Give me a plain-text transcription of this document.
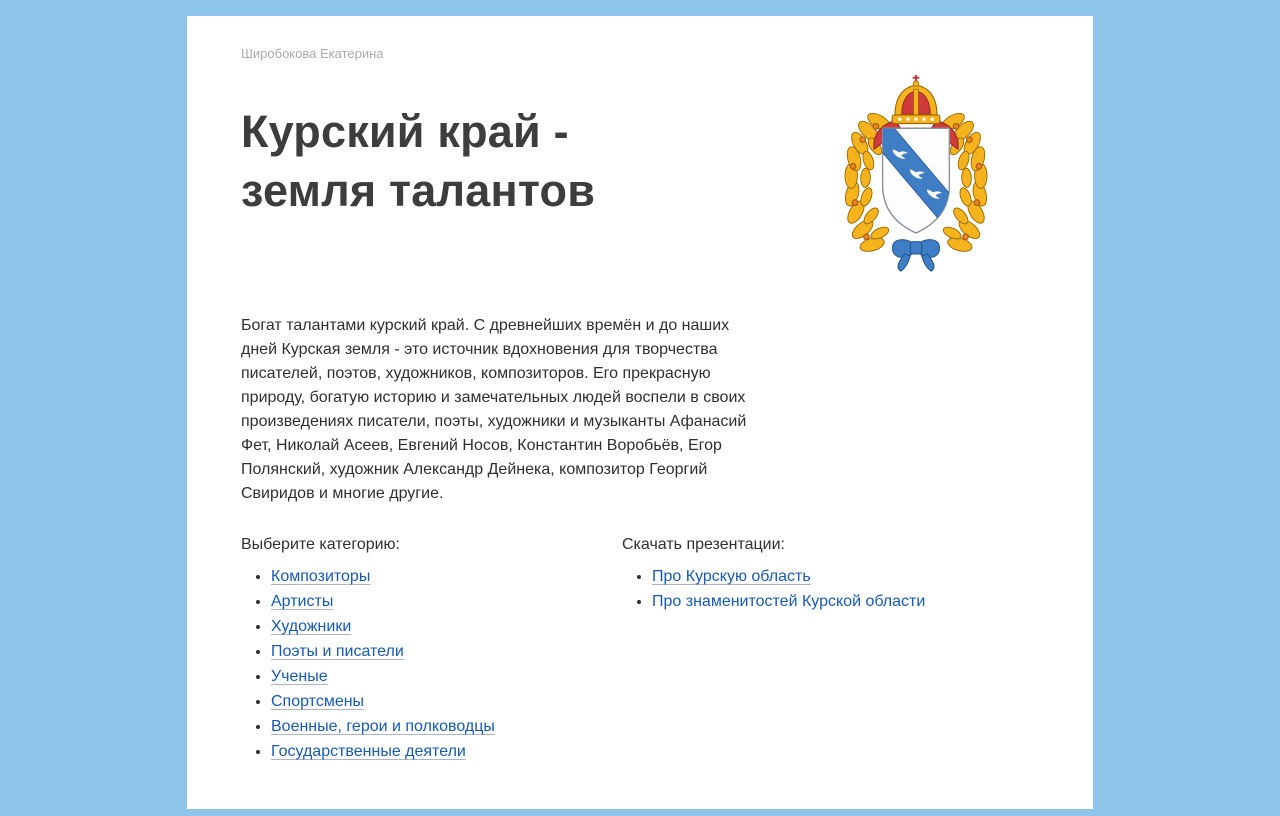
Широбокова Екатерина
Курский край -
земля талантов

Богат талантами курский край. С древнейших времён и до наших дней Курская земля - это источник вдохновения для творчества писателей, поэтов, художников, композиторов. Его прекрасную природу, богатую историю и замечательных людей воспели в своих произведениях писатели, поэты, художники и музыканты Афанасий Фет, Николай Асеев, Евгений Носов, Константин Воробьёв, Егор Полянский, художник Александр Дейнека, композитор Георгий Свиридов и многие другие.

Выберите категорию:
• Композиторы
• Артисты
• Художники
• Поэты и писатели
• Ученые
• Спортсмены
• Военные, герои и полководцы
• Государственные деятели
Скачать презентации:
• Про Курскую область
• Про знаменитостей Курской области
